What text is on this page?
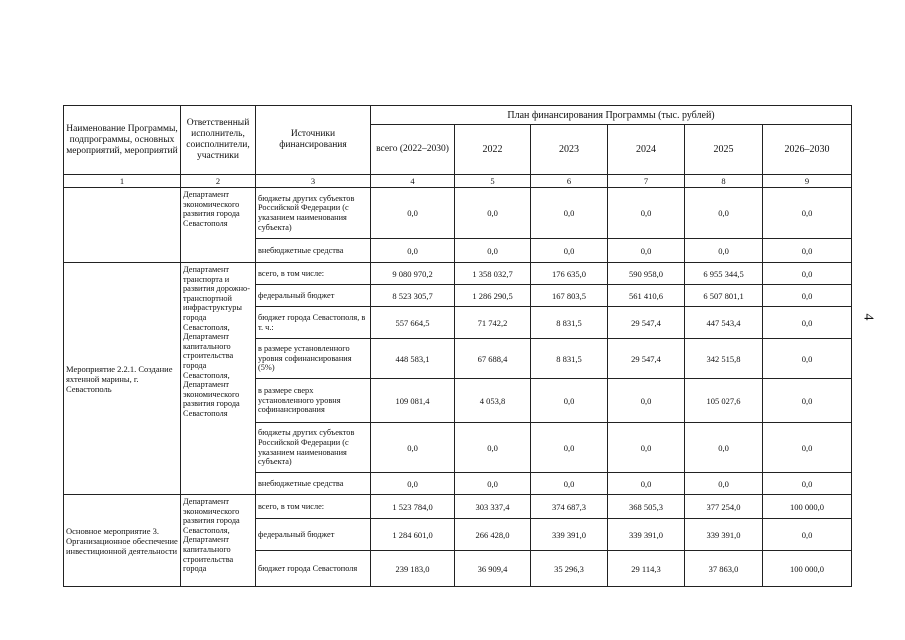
4
Наименование Программы, подпрограммы, основных мероприятий, мероприятий	Ответственный исполнитель, соисполнители, участники	Источники финансирования	План финансирования Программы (тыс. рублей)					
			всего (2022–2030)	2022	2023	2024	2025	2026–2030
1	2	3	4	5	6	7	8	9
	Департамент экономического развития города Севастополя	бюджеты других субъектов Российской Федерации (с указанием наименования субъекта)	0,0	0,0	0,0	0,0	0,0	0,0
		внебюджетные средства	0,0	0,0	0,0	0,0	0,0	0,0
Мероприятие 2.2.1. Создание яхтенной марины, г. Севастополь	Департамент транспорта и развития дорожно-транспортной инфраструктуры города Севастополя, Департамент капитального строительства города Севастополя, Департамент экономического развития города Севастополя	всего, в том числе:	9 080 970,2	1 358 032,7	176 635,0	590 958,0	6 955 344,5	0,0
		федеральный бюджет	8 523 305,7	1 286 290,5	167 803,5	561 410,6	6 507 801,1	0,0
		бюджет города Севастополя, в т. ч.:	557 664,5	71 742,2	8 831,5	29 547,4	447 543,4	0,0
		в размере установленного уровня софинансирования (5%)	448 583,1	67 688,4	8 831,5	29 547,4	342 515,8	0,0
		в размере сверх установленного уровня софинансирования	109 081,4	4 053,8	0,0	0,0	105 027,6	0,0
		бюджеты других субъектов Российской Федерации (с указанием наименования субъекта)	0,0	0,0	0,0	0,0	0,0	0,0
		внебюджетные средства	0,0	0,0	0,0	0,0	0,0	0,0
Основное мероприятие 3. Организационное обеспечение инвестиционной деятельности	Департамент экономического развития города Севастополя, Департамент капитального строительства города	всего, в том числе:	1 523 784,0	303 337,4	374 687,3	368 505,3	377 254,0	100 000,0
		федеральный бюджет	1 284 601,0	266 428,0	339 391,0	339 391,0	339 391,0	0,0
		бюджет города Севастополя	239 183,0	36 909,4	35 296,3	29 114,3	37 863,0	100 000,0
